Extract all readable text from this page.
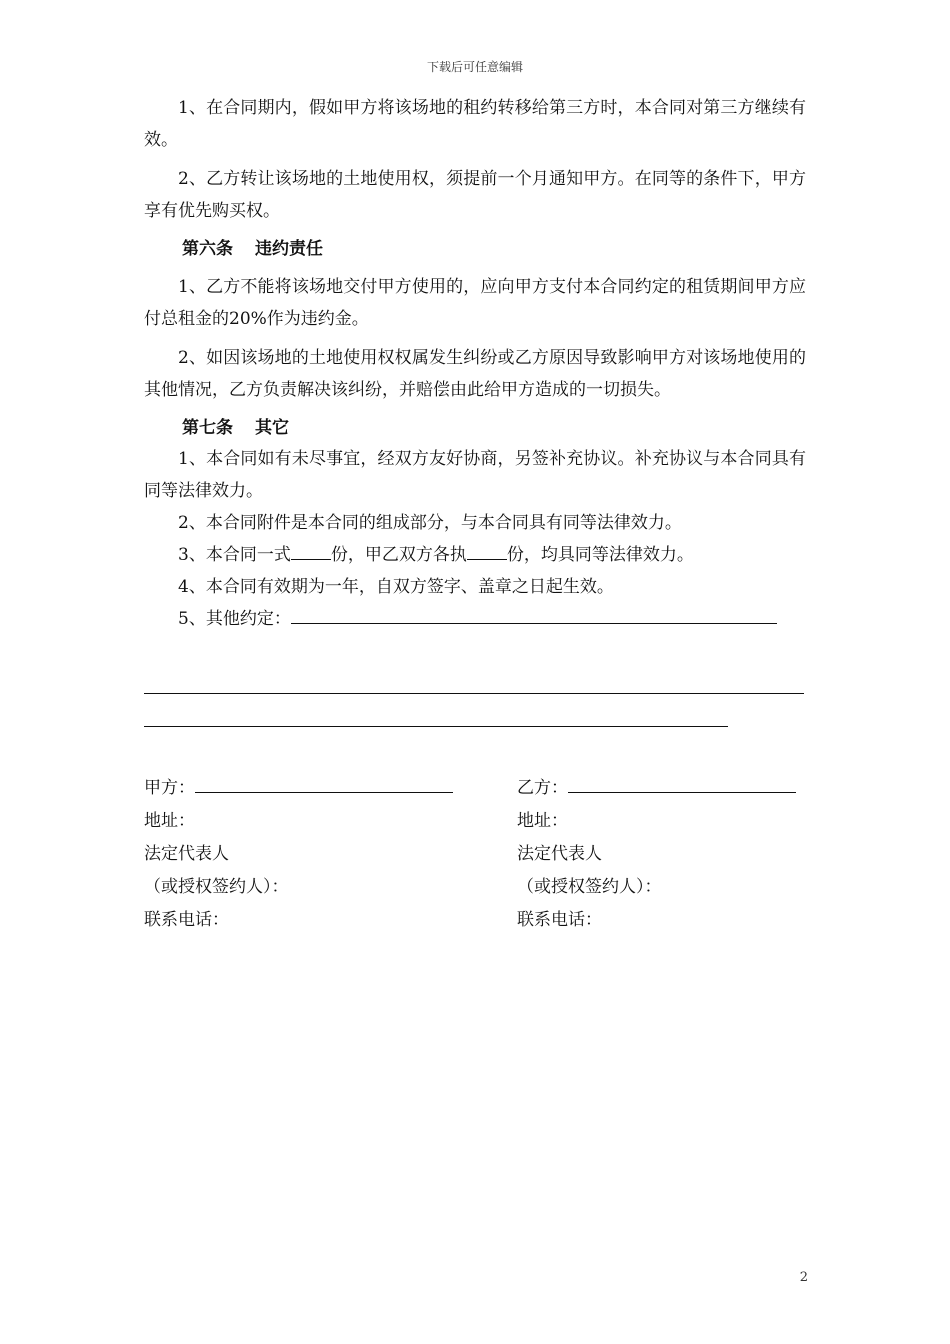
下载后可任意编辑

1、在合同期内，假如甲方将该场地的租约转移给第三方时，本合同对第三方继续有效。

2、乙方转让该场地的土地使用权，须提前一个月通知甲方。在同等的条件下，甲方享有优先购买权。

第六条 违约责任

1、乙方不能将该场地交付甲方使用的，应向甲方支付本合同约定的租赁期间甲方应付总租金的20%作为违约金。

2、如因该场地的土地使用权权属发生纠纷或乙方原因导致影响甲方对该场地使用的其他情况，乙方负责解决该纠纷，并赔偿由此给甲方造成的一切损失。

第七条 其它

1、本合同如有未尽事宜，经双方友好协商，另签补充协议。补充协议与本合同具有同等法律效力。

2、本合同附件是本合同的组成部分，与本合同具有同等法律效力。

3、本合同一式 份，甲乙双方各执 份，均具同等法律效力。

4、本合同有效期为一年，自双方签字、盖章之日起生效。

5、其他约定：

甲方：
地址：
法定代表人
（或授权签约人）：
联系电话：
乙方：
地址：
法定代表人
（或授权签约人）：
联系电话：
2
